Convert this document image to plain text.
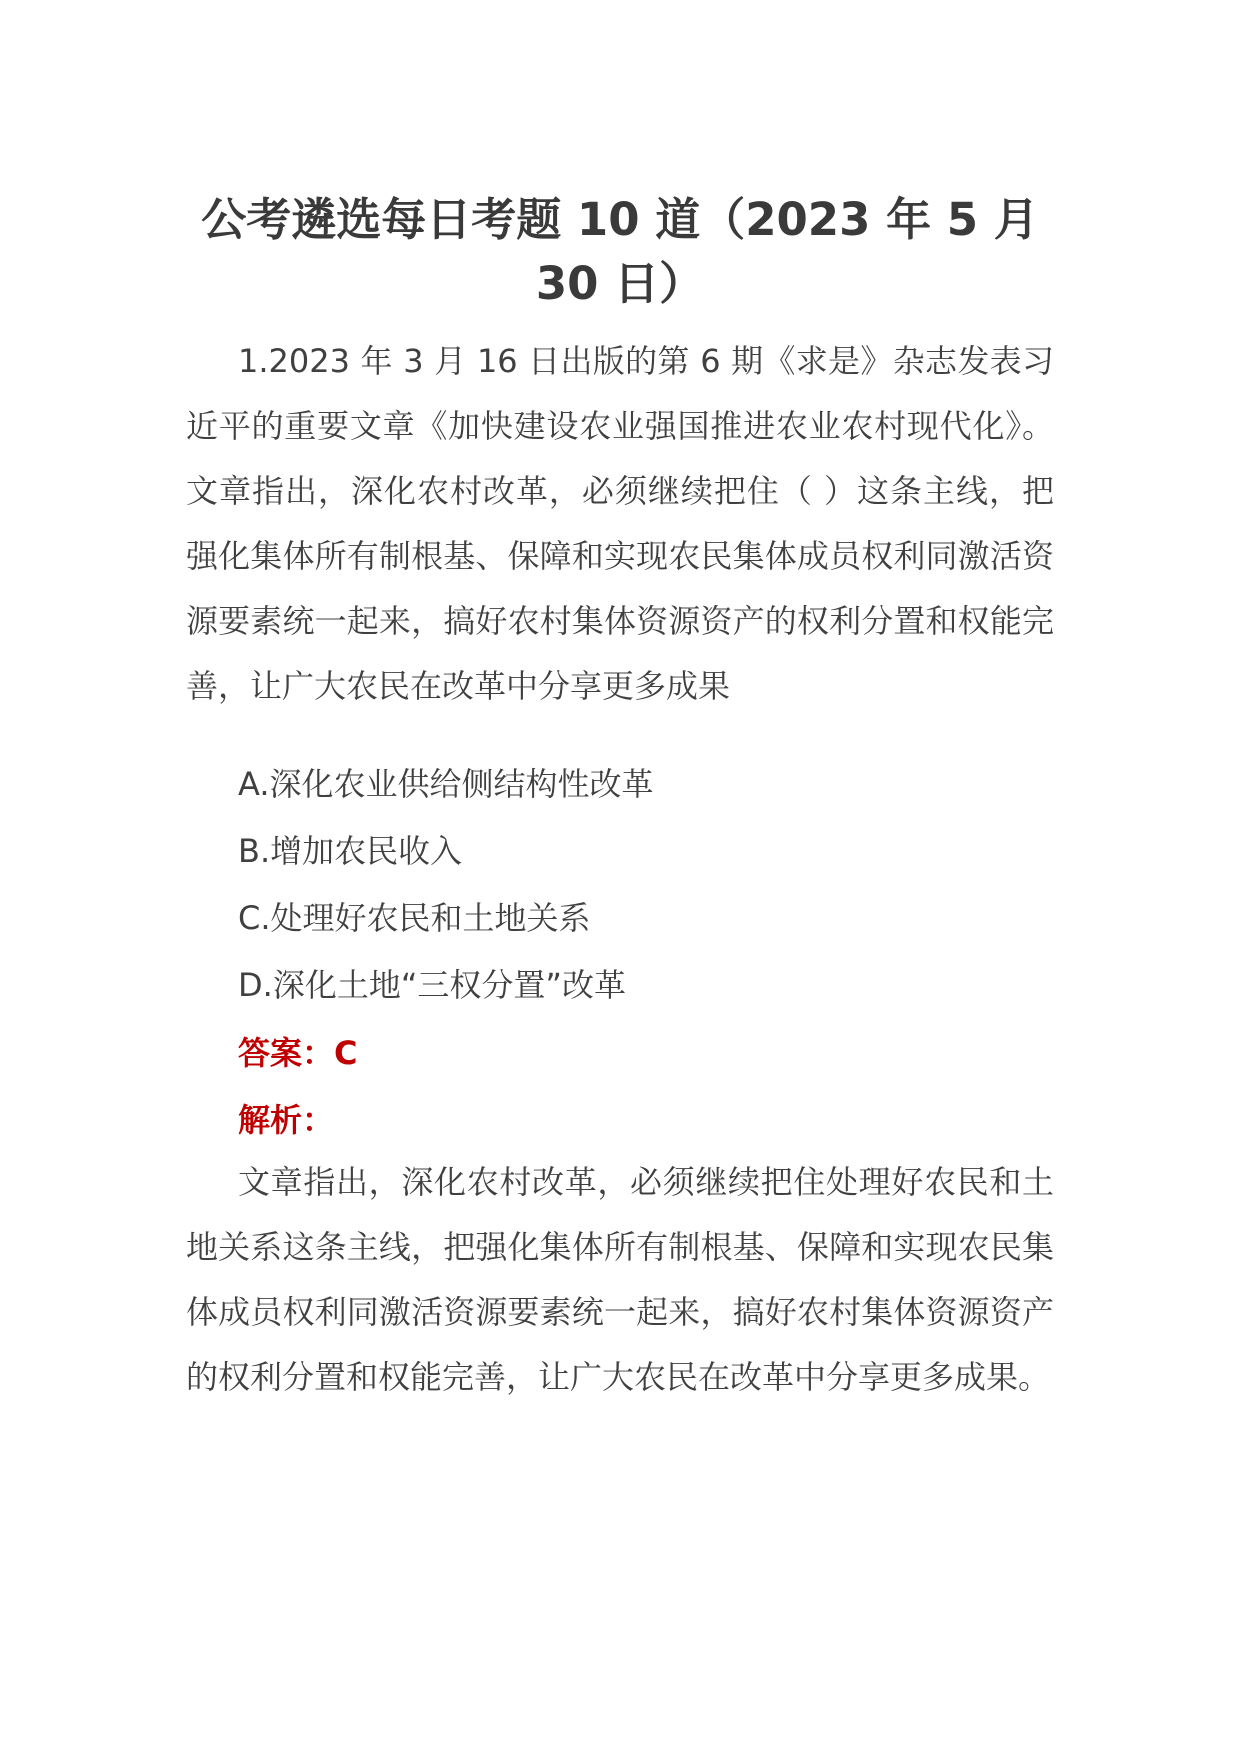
公考遴选每日考题 10 道（2023 年 5 月 30 日）

1.2023 年 3 月 16 日出版的第 6 期《求是》杂志发表习近平的重要文章《加快建设农业强国推进农业农村现代化》。文章指出，深化农村改革，必须继续把住（ ）这条主线，把强化集体所有制根基、保障和实现农民集体成员权利同激活资源要素统一起来，搞好农村集体资源资产的权利分置和权能完善，让广大农民在改革中分享更多成果

A.深化农业供给侧结构性改革

B.增加农民收入

C.处理好农民和土地关系

D.深化土地“三权分置”改革

答案：C

解析：

文章指出，深化农村改革，必须继续把住处理好农民和土地关系这条主线，把强化集体所有制根基、保障和实现农民集体成员权利同激活资源要素统一起来，搞好农村集体资源资产的权利分置和权能完善，让广大农民在改革中分享更多成果。
